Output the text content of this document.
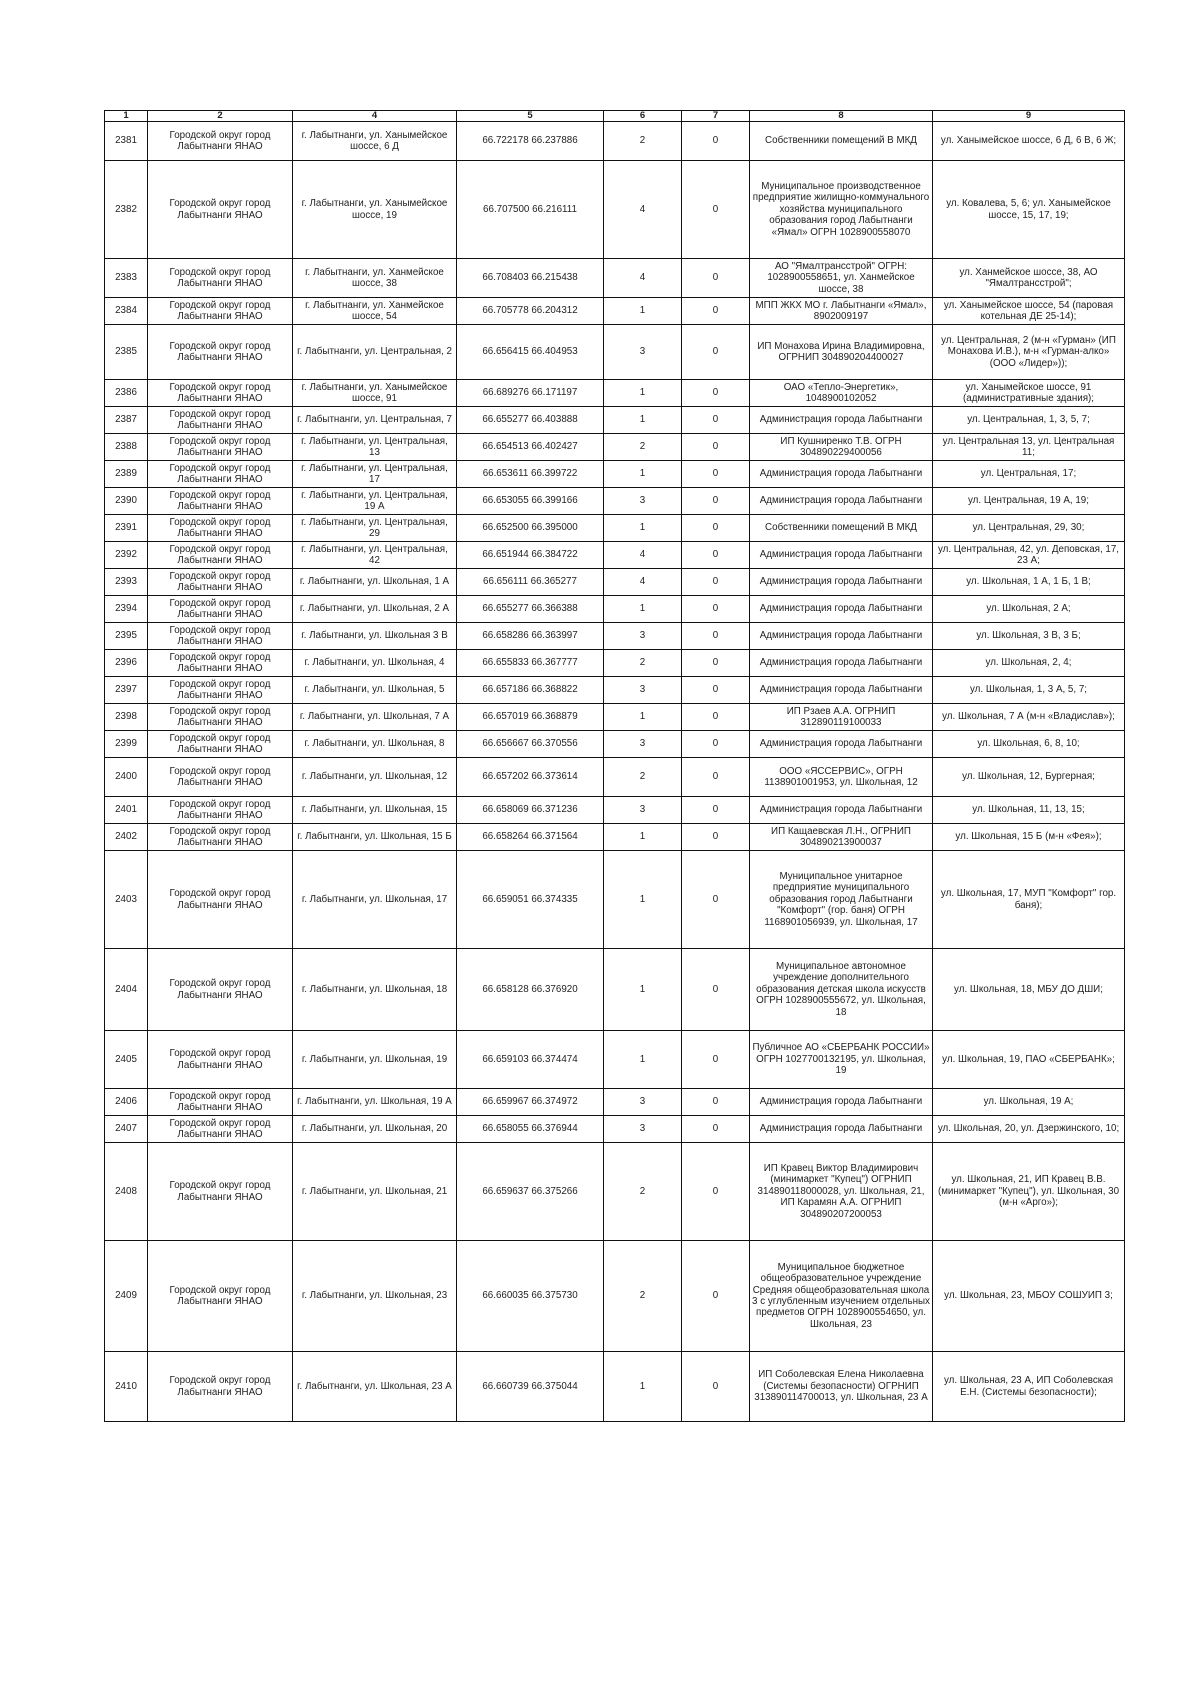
1	2	4	5	6	7	8	9
2381	Городской округ город Лабытнанги ЯНАО	г. Лабытнанги, ул. Ханымейское шоссе, 6 Д	66.722178 66.237886	2	0	Собственники помещений В МКД	ул. Ханымейское шоссе, 6 Д, 6 В, 6 Ж;
2382	Городской округ город Лабытнанги ЯНАО	г. Лабытнанги, ул. Ханымейское шоссе, 19	66.707500 66.216111	4	0	Муниципальное производственное предприятие жилищно-коммунального хозяйства муниципального образования город Лабытнанги «Ямал» ОГРН 1028900558070	ул. Ковалева, 5, 6; ул. Ханымейское шоссе, 15, 17, 19;
2383	Городской округ город Лабытнанги ЯНАО	г. Лабытнанги, ул. Ханмейское шоссе, 38	66.708403 66.215438	4	0	АО "Ямалтрансстрой" ОГРН: 1028900558651, ул. Ханмейское шоссе, 38	ул. Ханмейское шоссе, 38, АО "Ямалтрансстрой";
2384	Городской округ город Лабытнанги ЯНАО	г. Лабытнанги, ул. Ханмейское шоссе, 54	66.705778 66.204312	1	0	МПП ЖКХ МО г. Лабытнанги «Ямал», 8902009197	ул. Ханымейское шоссе, 54 (паровая котельная ДЕ 25-14);
2385	Городской округ город Лабытнанги ЯНАО	г. Лабытнанги, ул. Центральная, 2	66.656415 66.404953	3	0	ИП Монахова Ирина Владимировна, ОГРНИП 304890204400027	ул. Центральная, 2 (м-н «Гурман» (ИП Монахова И.В.), м-н «Гурман-алко» (ООО «Лидер»));
2386	Городской округ город Лабытнанги ЯНАО	г. Лабытнанги, ул. Ханымейское шоссе, 91	66.689276 66.171197	1	0	ОАО «Тепло-Энергетик», 1048900102052	ул. Ханымейское шоссе, 91 (административные здания);
2387	Городской округ город Лабытнанги ЯНАО	г. Лабытнанги, ул. Центральная, 7	66.655277 66.403888	1	0	Администрация города Лабытнанги	ул. Центральная, 1, 3, 5, 7;
2388	Городской округ город Лабытнанги ЯНАО	г. Лабытнанги, ул. Центральная, 13	66.654513 66.402427	2	0	ИП Кушниренко Т.В. ОГРН 304890229400056	ул. Центральная 13, ул. Центральная 11;
2389	Городской округ город Лабытнанги ЯНАО	г. Лабытнанги, ул. Центральная, 17	66.653611 66.399722	1	0	Администрация города Лабытнанги	ул. Центральная, 17;
2390	Городской округ город Лабытнанги ЯНАО	г. Лабытнанги, ул. Центральная, 19 А	66.653055 66.399166	3	0	Администрация города Лабытнанги	ул. Центральная, 19 А, 19;
2391	Городской округ город Лабытнанги ЯНАО	г. Лабытнанги, ул. Центральная, 29	66.652500 66.395000	1	0	Собственники помещений В МКД	ул. Центральная, 29, 30;
2392	Городской округ город Лабытнанги ЯНАО	г. Лабытнанги, ул. Центральная, 42	66.651944 66.384722	4	0	Администрация города Лабытнанги	ул. Центральная, 42, ул. Деповская, 17, 23 А;
2393	Городской округ город Лабытнанги ЯНАО	г. Лабытнанги, ул. Школьная, 1 А	66.656111 66.365277	4	0	Администрация города Лабытнанги	ул. Школьная, 1 А, 1 Б, 1 В;
2394	Городской округ город Лабытнанги ЯНАО	г. Лабытнанги, ул. Школьная, 2 А	66.655277 66.366388	1	0	Администрация города Лабытнанги	ул. Школьная, 2 А;
2395	Городской округ город Лабытнанги ЯНАО	г. Лабытнанги, ул. Школьная 3 В	66.658286 66.363997	3	0	Администрация города Лабытнанги	ул. Школьная, 3 В, 3 Б;
2396	Городской округ город Лабытнанги ЯНАО	г. Лабытнанги, ул. Школьная, 4	66.655833 66.367777	2	0	Администрация города Лабытнанги	ул. Школьная, 2, 4;
2397	Городской округ город Лабытнанги ЯНАО	г. Лабытнанги, ул. Школьная, 5	66.657186 66.368822	3	0	Администрация города Лабытнанги	ул. Школьная, 1, 3 А, 5, 7;
2398	Городской округ город Лабытнанги ЯНАО	г. Лабытнанги, ул. Школьная, 7 А	66.657019 66.368879	1	0	ИП Рзаев А.А. ОГРНИП 312890119100033	ул. Школьная, 7 А (м-н «Владислав»);
2399	Городской округ город Лабытнанги ЯНАО	г. Лабытнанги, ул. Школьная, 8	66.656667 66.370556	3	0	Администрация города Лабытнанги	ул. Школьная, 6, 8, 10;
2400	Городской округ город Лабытнанги ЯНАО	г. Лабытнанги, ул. Школьная, 12	66.657202 66.373614	2	0	ООО «ЯССЕРВИС», ОГРН 1138901001953, ул. Школьная, 12	ул. Школьная, 12, Бургерная;
2401	Городской округ город Лабытнанги ЯНАО	г. Лабытнанги, ул. Школьная, 15	66.658069 66.371236	3	0	Администрация города Лабытнанги	ул. Школьная, 11, 13, 15;
2402	Городской округ город Лабытнанги ЯНАО	г. Лабытнанги, ул. Школьная, 15 Б	66.658264 66.371564	1	0	ИП Кащаевская Л.Н., ОГРНИП 304890213900037	ул. Школьная, 15 Б (м-н «Фея»);
2403	Городской округ город Лабытнанги ЯНАО	г. Лабытнанги, ул. Школьная, 17	66.659051 66.374335	1	0	Муниципальное унитарное предприятие муниципального образования город Лабытнанги "Комфорт" (гор. баня) ОГРН 1168901056939, ул. Школьная, 17	ул. Школьная, 17, МУП "Комфорт" гор. баня);
2404	Городской округ город Лабытнанги ЯНАО	г. Лабытнанги, ул. Школьная, 18	66.658128 66.376920	1	0	Муниципальное автономное учреждение дополнительного образования детская школа искусств ОГРН 1028900555672, ул. Школьная, 18	ул. Школьная, 18, МБУ ДО ДШИ;
2405	Городской округ город Лабытнанги ЯНАО	г. Лабытнанги, ул. Школьная, 19	66.659103 66.374474	1	0	Публичное АО «СБЕРБАНК РОССИИ» ОГРН 1027700132195, ул. Школьная, 19	ул. Школьная, 19, ПАО «СБЕРБАНК»;
2406	Городской округ город Лабытнанги ЯНАО	г. Лабытнанги, ул. Школьная, 19 А	66.659967 66.374972	3	0	Администрация города Лабытнанги	ул. Школьная, 19 А;
2407	Городской округ город Лабытнанги ЯНАО	г. Лабытнанги, ул. Школьная, 20	66.658055 66.376944	3	0	Администрация города Лабытнанги	ул. Школьная, 20, ул. Дзержинского, 10;
2408	Городской округ город Лабытнанги ЯНАО	г. Лабытнанги, ул. Школьная, 21	66.659637 66.375266	2	0	ИП Кравец Виктор Владимирович (минимаркет "Купец") ОГРНИП 314890118000028, ул. Школьная, 21, ИП Карамян А.А. ОГРНИП 304890207200053	ул. Школьная, 21, ИП Кравец В.В. (минимаркет "Купец"), ул. Школьная, 30 (м-н «Арго»);
2409	Городской округ город Лабытнанги ЯНАО	г. Лабытнанги, ул. Школьная, 23	66.660035 66.375730	2	0	Муниципальное бюджетное общеобразовательное учреждение Средняя общеобразовательная школа 3 с углубленным изучением отдельных предметов ОГРН 1028900554650, ул. Школьная, 23	ул. Школьная, 23, МБОУ СОШУИП 3;
2410	Городской округ город Лабытнанги ЯНАО	г. Лабытнанги, ул. Школьная, 23 А	66.660739 66.375044	1	0	ИП Соболевская Елена Николаевна (Системы безопасности) ОГРНИП 313890114700013, ул. Школьная, 23 А	ул. Школьная, 23 А, ИП Соболевская Е.Н. (Системы безопасности);
